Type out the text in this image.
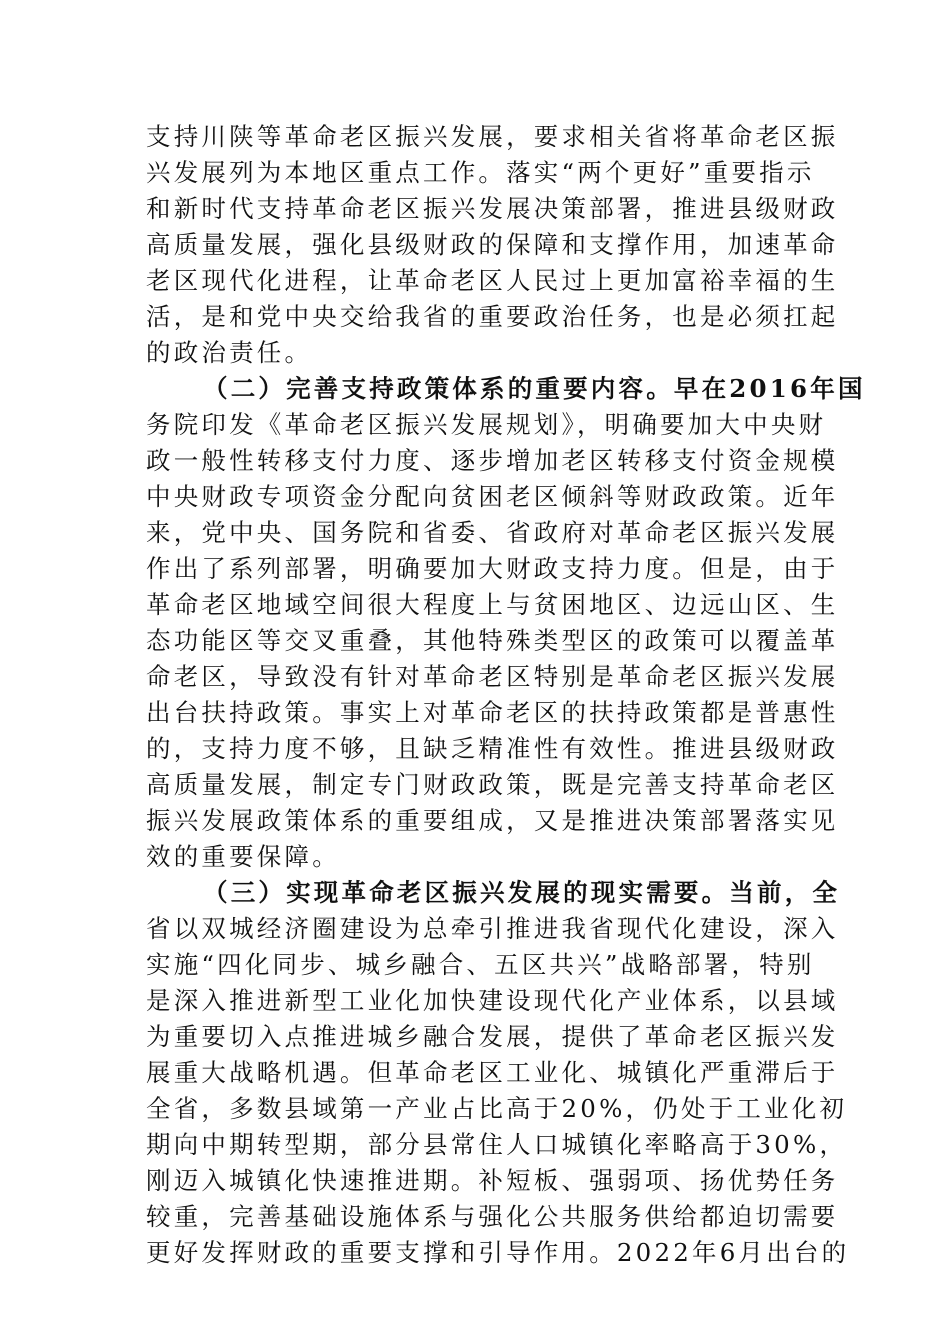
支持川陕等革命老区振兴发展，要求相关省将革命老区振
兴发展列为本地区重点工作。落实“两个更好”重要指示
和新时代支持革命老区振兴发展决策部署，推进县级财政
高质量发展，强化县级财政的保障和支撑作用，加速革命
老区现代化进程，让革命老区人民过上更加富裕幸福的生
活，是和党中央交给我省的重要政治任务，也是必须扛起
的政治责任。
（二）完善支持政策体系的重要内容。早在2016年国
务院印发《革命老区振兴发展规划》，明确要加大中央财
政一般性转移支付力度、逐步增加老区转移支付资金规模
中央财政专项资金分配向贫困老区倾斜等财政政策。近年
来，党中央、国务院和省委、省政府对革命老区振兴发展
作出了系列部署，明确要加大财政支持力度。但是，由于
革命老区地域空间很大程度上与贫困地区、边远山区、生
态功能区等交叉重叠，其他特殊类型区的政策可以覆盖革
命老区，导致没有针对革命老区特别是革命老区振兴发展
出台扶持政策。事实上对革命老区的扶持政策都是普惠性
的，支持力度不够，且缺乏精准性有效性。推进县级财政
高质量发展，制定专门财政政策，既是完善支持革命老区
振兴发展政策体系的重要组成，又是推进决策部署落实见
效的重要保障。
（三）实现革命老区振兴发展的现实需要。当前，全
省以双城经济圈建设为总牵引推进我省现代化建设，深入
实施“四化同步、城乡融合、五区共兴”战略部署，特别
是深入推进新型工业化加快建设现代化产业体系，以县域
为重要切入点推进城乡融合发展，提供了革命老区振兴发
展重大战略机遇。但革命老区工业化、城镇化严重滞后于
全省，多数县域第一产业占比高于20%，仍处于工业化初
期向中期转型期，部分县常住人口城镇化率略高于30%，
刚迈入城镇化快速推进期。补短板、强弱项、扬优势任务
较重，完善基础设施体系与强化公共服务供给都迫切需要
更好发挥财政的重要支撑和引导作用。2022年6月出台的
